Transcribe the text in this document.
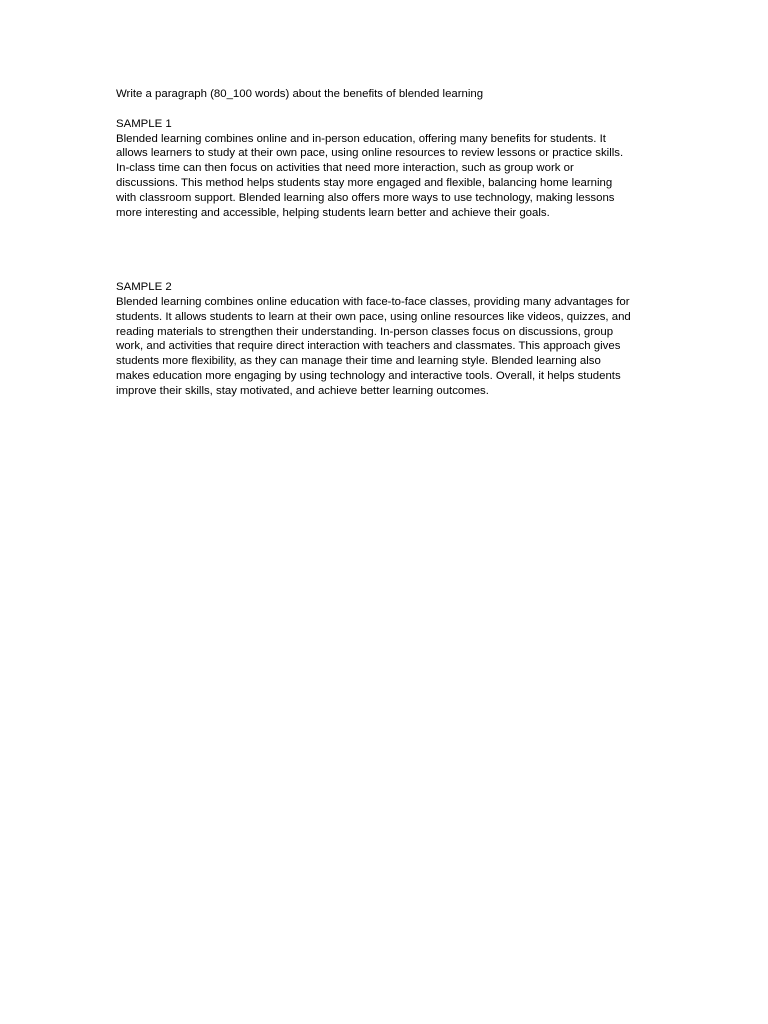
Write a paragraph (80_100 words) about the benefits of blended learning
SAMPLE 1
Blended learning combines online and in-person education, offering many benefits for students. It
allows learners to study at their own pace, using online resources to review lessons or practice skills.
In-class time can then focus on activities that need more interaction, such as group work or
discussions. This method helps students stay more engaged and flexible, balancing home learning
with classroom support. Blended learning also offers more ways to use technology, making lessons
more interesting and accessible, helping students learn better and achieve their goals.
SAMPLE 2
Blended learning combines online education with face-to-face classes, providing many advantages for
students. It allows students to learn at their own pace, using online resources like videos, quizzes, and
reading materials to strengthen their understanding. In-person classes focus on discussions, group
work, and activities that require direct interaction with teachers and classmates. This approach gives
students more flexibility, as they can manage their time and learning style. Blended learning also
makes education more engaging by using technology and interactive tools. Overall, it helps students
improve their skills, stay motivated, and achieve better learning outcomes.
